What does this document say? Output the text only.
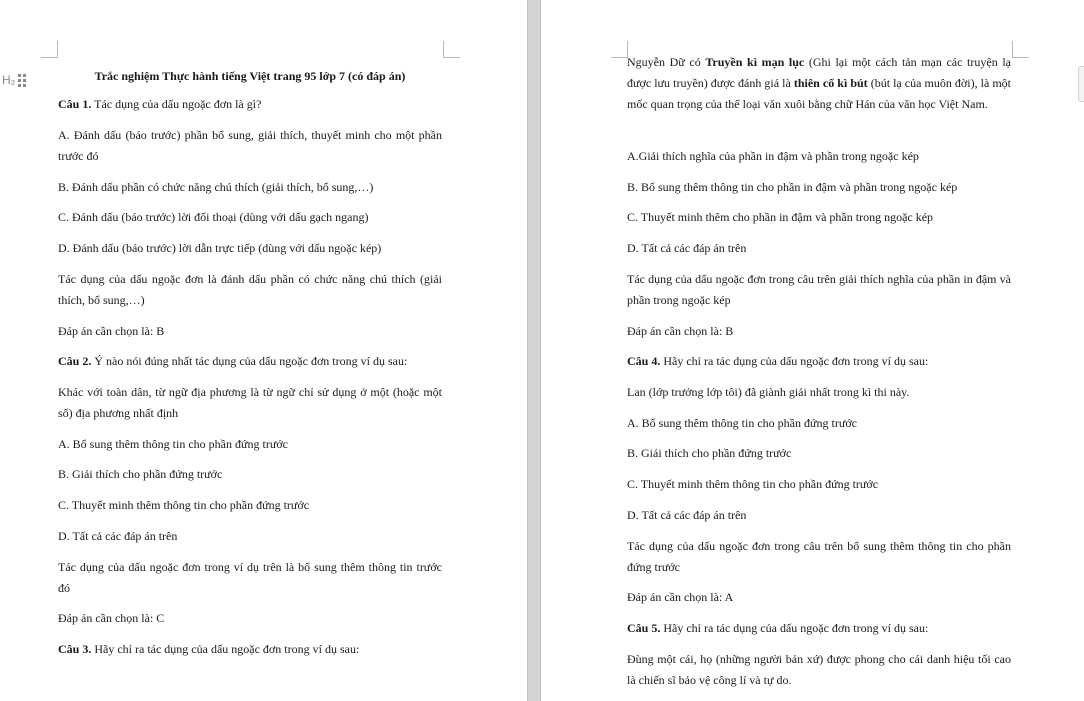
H₂	Trắc nghiệm Thực hành tiếng Việt trang 95 lớp 7 (có đáp án)

Câu 1. Tác dụng của dấu ngoặc đơn là gì?

A. Đánh dấu (báo trước) phần bổ sung, giải thích, thuyết minh cho một phần trước đó

B. Đánh dấu phần có chức năng chú thích (giải thích, bổ sung,…)

C. Đánh dấu (báo trước) lời đối thoại (dùng với dấu gạch ngang)

D. Đánh dấu (báo trước) lời dẫn trực tiếp (dùng với dấu ngoặc kép)

Tác dụng của dấu ngoặc đơn là đánh dấu phần có chức năng chú thích (giải thích, bổ sung,…)

Đáp án cần chọn là: B

Câu 2. Ý nào nói đúng nhất tác dụng của dấu ngoặc đơn trong ví dụ sau:

Khác với toàn dân, từ ngữ địa phương là từ ngữ chỉ sử dụng ở một (hoặc một số) địa phương nhất định

A. Bổ sung thêm thông tin cho phần đứng trước

B. Giải thích cho phần đứng trước

C. Thuyết minh thêm thông tin cho phần đứng trước

D. Tất cả các đáp án trên

Tác dụng của dấu ngoặc đơn trong ví dụ trên là bổ sung thêm thông tin trước đó

Đáp án cần chọn là: C

Câu 3. Hãy chỉ ra tác dụng của dấu ngoặc đơn trong ví dụ sau:

Nguyễn Dữ có Truyền kì mạn lục (Ghi lại một cách tản mạn các truyện lạ được lưu truyền) được đánh giá là thiên cổ kì bút (bút lạ của muôn đời), là một mốc quan trọng của thể loại văn xuôi bằng chữ Hán của văn học Việt Nam.

A.Giải thích nghĩa của phần in đậm và phần trong ngoặc kép

B. Bổ sung thêm thông tin cho phần in đậm và phần trong ngoặc kép

C. Thuyết minh thêm cho phần in đậm và phần trong ngoặc kép

D. Tất cả các đáp án trên

Tác dụng của dấu ngoặc đơn trong câu trên giải thích nghĩa của phần in đậm và phần trong ngoặc kép

Đáp án cần chọn là: B

Câu 4. Hãy chỉ ra tác dụng của dấu ngoặc đơn trong ví dụ sau:

Lan (lớp trưởng lớp tôi) đã giành giải nhất trong kì thi này.

A. Bổ sung thêm thông tin cho phần đứng trước

B. Giải thích cho phần đứng trước

C. Thuyết minh thêm thông tin cho phần đứng trước

D. Tất cả các đáp án trên

Tác dụng của dấu ngoặc đơn trong câu trên bổ sung thêm thông tin cho phần đứng trước

Đáp án cần chọn là: A

Câu 5. Hãy chỉ ra tác dụng của dấu ngoặc đơn trong ví dụ sau:

Đùng một cái, họ (những người bản xứ) được phong cho cái danh hiệu tối cao là chiến sĩ bảo vệ công lí và tự do.
